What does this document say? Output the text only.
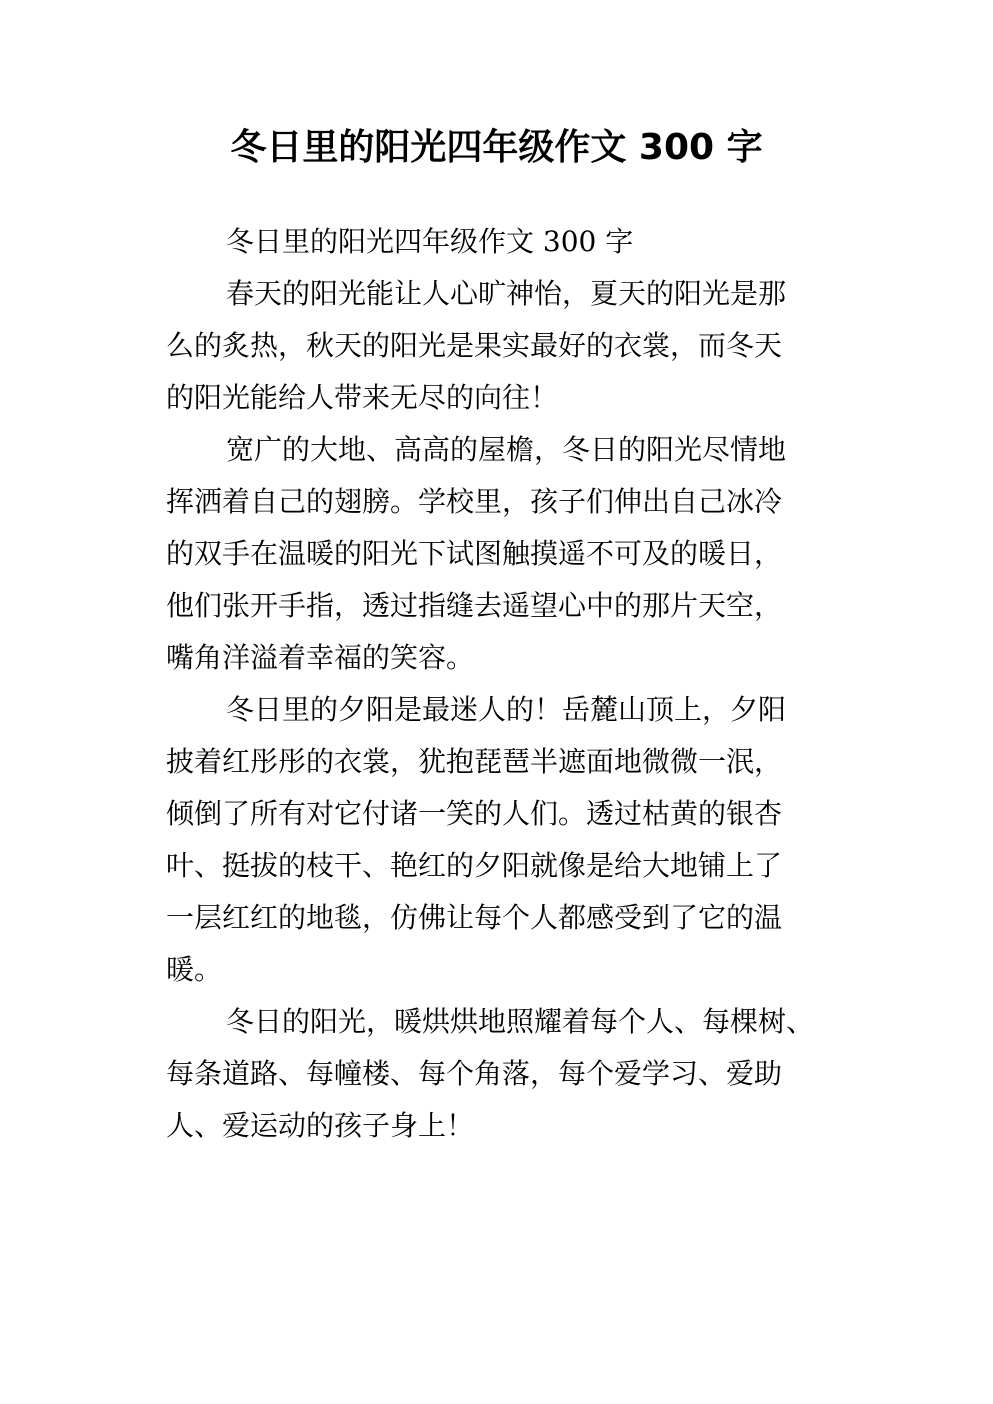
冬日里的阳光四年级作文 300 字
冬日里的阳光四年级作文 300 字
春天的阳光能让人心旷神怡，夏天的阳光是那
么的炙热，秋天的阳光是果实最好的衣裳，而冬天
的阳光能给人带来无尽的向往！
宽广的大地、高高的屋檐，冬日的阳光尽情地
挥洒着自己的翅膀。学校里，孩子们伸出自己冰冷
的双手在温暖的阳光下试图触摸遥不可及的暖日，
他们张开手指，透过指缝去遥望心中的那片天空，
嘴角洋溢着幸福的笑容。
冬日里的夕阳是最迷人的！岳麓山顶上，夕阳
披着红彤彤的衣裳，犹抱琵琶半遮面地微微一泯，
倾倒了所有对它付诸一笑的人们。透过枯黄的银杏
叶、挺拔的枝干、艳红的夕阳就像是给大地铺上了
一层红红的地毯，仿佛让每个人都感受到了它的温
暖。
冬日的阳光，暖烘烘地照耀着每个人、每棵树、
每条道路、每幢楼、每个角落，每个爱学习、爱助
人、爱运动的孩子身上！
